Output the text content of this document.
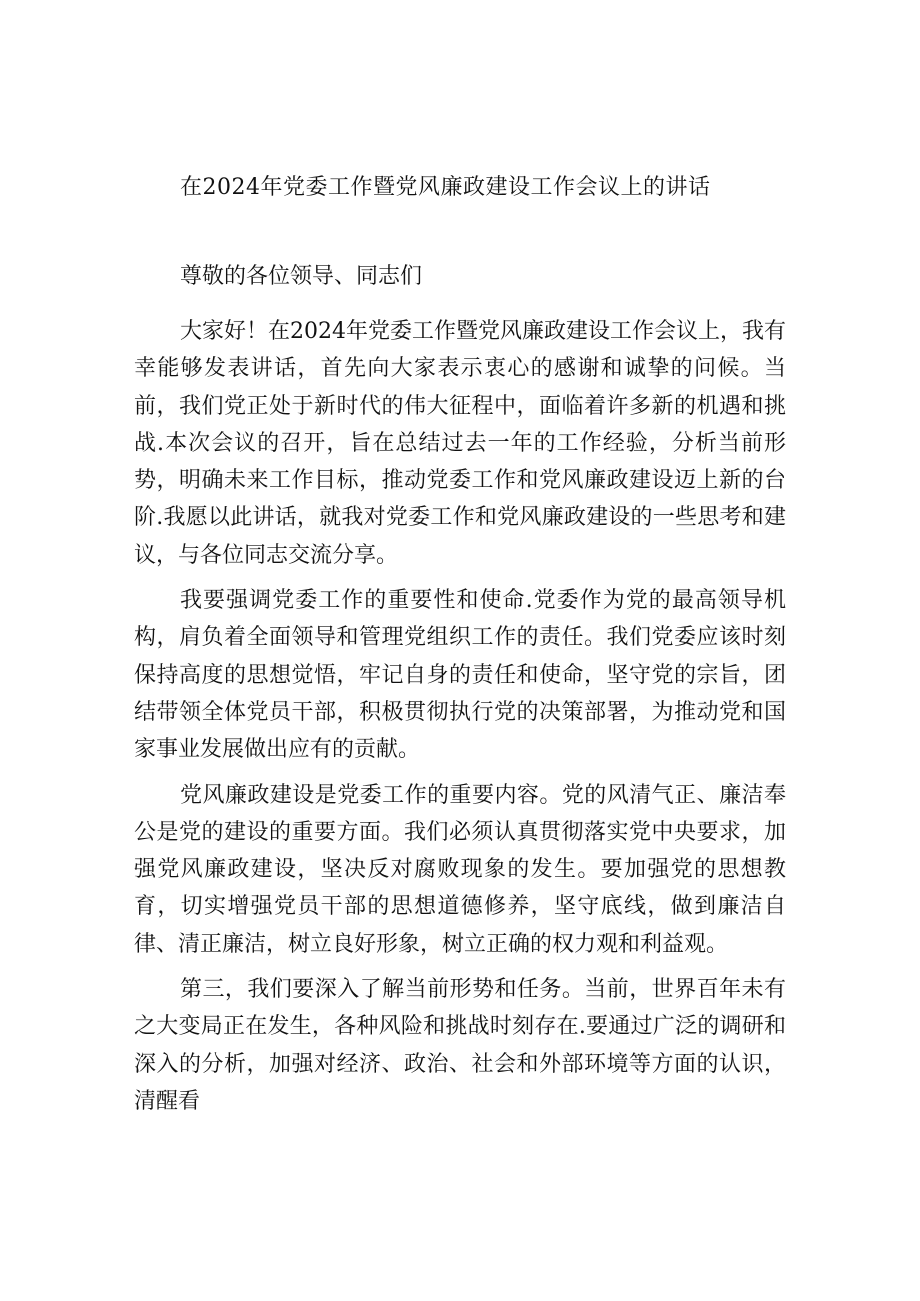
在2024年党委工作暨党风廉政建设工作会议上的讲话
尊敬的各位领导、同志们

大家好！在2024年党委工作暨党风廉政建设工作会议上，我有幸能够发表讲话，首先向大家表示衷心的感谢和诚挚的问候。当前，我们党正处于新时代的伟大征程中，面临着许多新的机遇和挑战.本次会议的召开，旨在总结过去一年的工作经验，分析当前形势，明确未来工作目标，推动党委工作和党风廉政建设迈上新的台阶.我愿以此讲话，就我对党委工作和党风廉政建设的一些思考和建议，与各位同志交流分享。

我要强调党委工作的重要性和使命.党委作为党的最高领导机构，肩负着全面领导和管理党组织工作的责任。我们党委应该时刻保持高度的思想觉悟，牢记自身的责任和使命，坚守党的宗旨，团结带领全体党员干部，积极贯彻执行党的决策部署，为推动党和国家事业发展做出应有的贡献。

党风廉政建设是党委工作的重要内容。党的风清气正、廉洁奉公是党的建设的重要方面。我们必须认真贯彻落实党中央要求，加强党风廉政建设，坚决反对腐败现象的发生。要加强党的思想教育，切实增强党员干部的思想道德修养，坚守底线，做到廉洁自律、清正廉洁，树立良好形象，树立正确的权力观和利益观。

第三，我们要深入了解当前形势和任务。当前，世界百年未有之大变局正在发生，各种风险和挑战时刻存在.要通过广泛的调研和深入的分析，加强对经济、政治、社会和外部环境等方面的认识，清醒看
